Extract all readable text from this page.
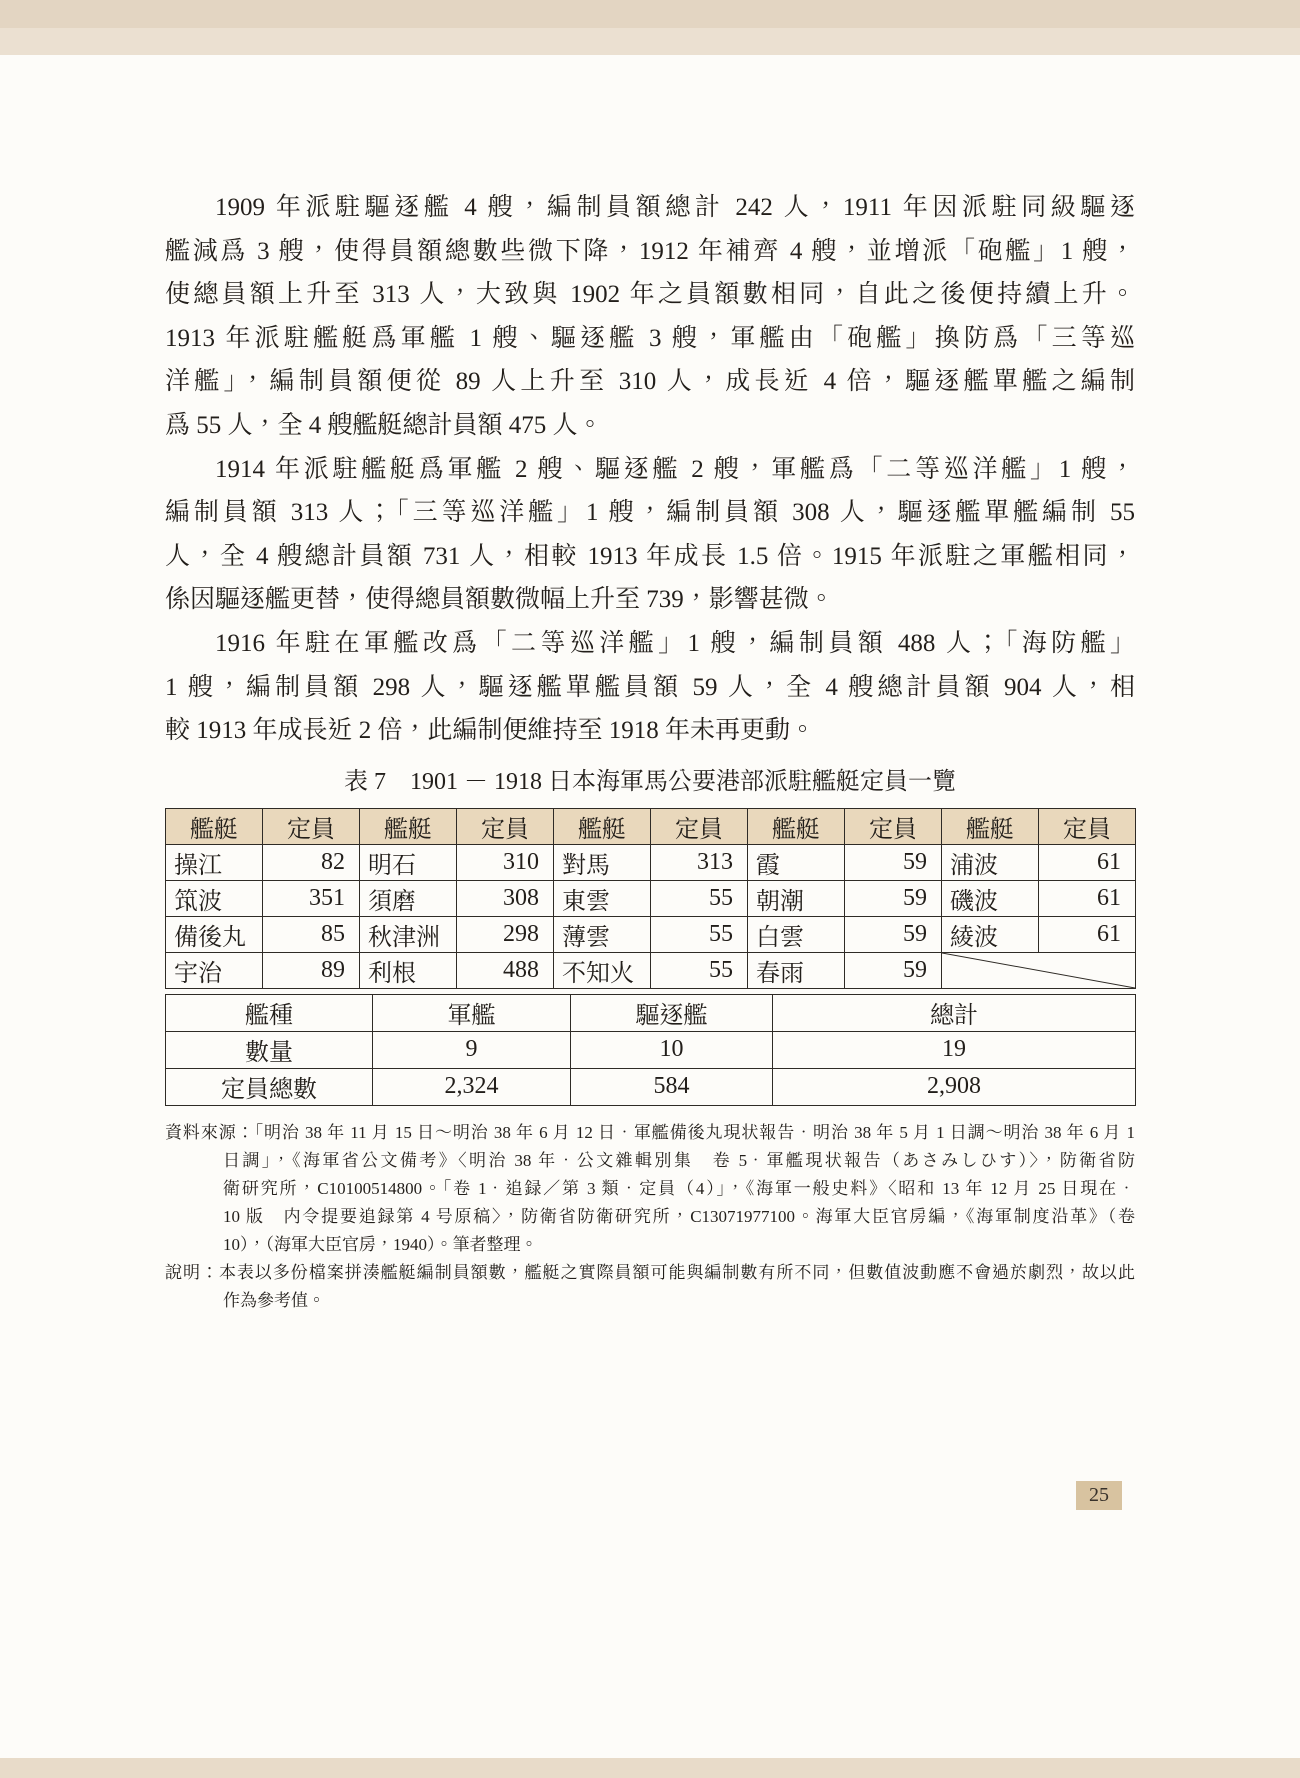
1909 年派駐驅逐艦 4 艘，編制員額總計 242 人，1911 年因派駐同級驅逐

艦減爲 3 艘，使得員額總數些微下降，1912 年補齊 4 艘，並增派「砲艦」1 艘，

使總員額上升至 313 人，大致與 1902 年之員額數相同，自此之後便持續上升。

1913 年派駐艦艇爲軍艦 1 艘、驅逐艦 3 艘，軍艦由「砲艦」換防爲「三等巡

洋艦」，編制員額便從 89 人上升至 310 人，成長近 4 倍，驅逐艦單艦之編制

爲 55 人，全 4 艘艦艇總計員額 475 人。

1914 年派駐艦艇爲軍艦 2 艘、驅逐艦 2 艘，軍艦爲「二等巡洋艦」1 艘，

編制員額 313 人；「三等巡洋艦」1 艘，編制員額 308 人，驅逐艦單艦編制 55

人，全 4 艘總計員額 731 人，相較 1913 年成長 1.5 倍。1915 年派駐之軍艦相同，

係因驅逐艦更替，使得總員額數微幅上升至 739，影響甚微。

1916 年駐在軍艦改爲「二等巡洋艦」1 艘，編制員額 488 人；「海防艦」

1 艘，編制員額 298 人，驅逐艦單艦員額 59 人，全 4 艘總計員額 904 人，相

較 1913 年成長近 2 倍，此編制便維持至 1918 年未再更動。

表 7　1901 － 1918 日本海軍馬公要港部派駐艦艇定員一覽
艦艇	定員	艦艇	定員	艦艇	定員	艦艇	定員	艦艇	定員
操江	82	明石	310	對馬	313	霞	59	浦波	61
筑波	351	須磨	308	東雲	55	朝潮	59	磯波	61
備後丸	85	秋津洲	298	薄雲	55	白雲	59	綾波	61
宇治	89	利根	488	不知火	55	春雨	59	
艦種	軍艦	驅逐艦	總計
數量	9	10	19
定員總數	2,324	584	2,908

資料來源：「明治 38 年 11 月 15 日～明治 38 年 6 月 12 日‧軍艦備後丸現状報告‧明治 38 年 5 月 1 日調～明治 38 年 6 月 1

日調」，《海軍省公文備考》〈明治 38 年‧公文雜輯別集　卷 5‧軍艦現状報告（あさみしひす）〉，防衛省防

衛研究所，C10100514800。「卷 1‧追録／第 3 類‧定員（4）」，《海軍一般史料》〈昭和 13 年 12 月 25 日現在‧

10 版　内令提要追録第 4 号原稿〉，防衛省防衛研究所，C13071977100。海軍大臣官房編，《海軍制度沿革》（卷

10），（海軍大臣官房，1940）。筆者整理。

說明：本表以多份檔案拼湊艦艇編制員額數，艦艇之實際員額可能與編制數有所不同，但數值波動應不會過於劇烈，故以此

作為參考值。

25
